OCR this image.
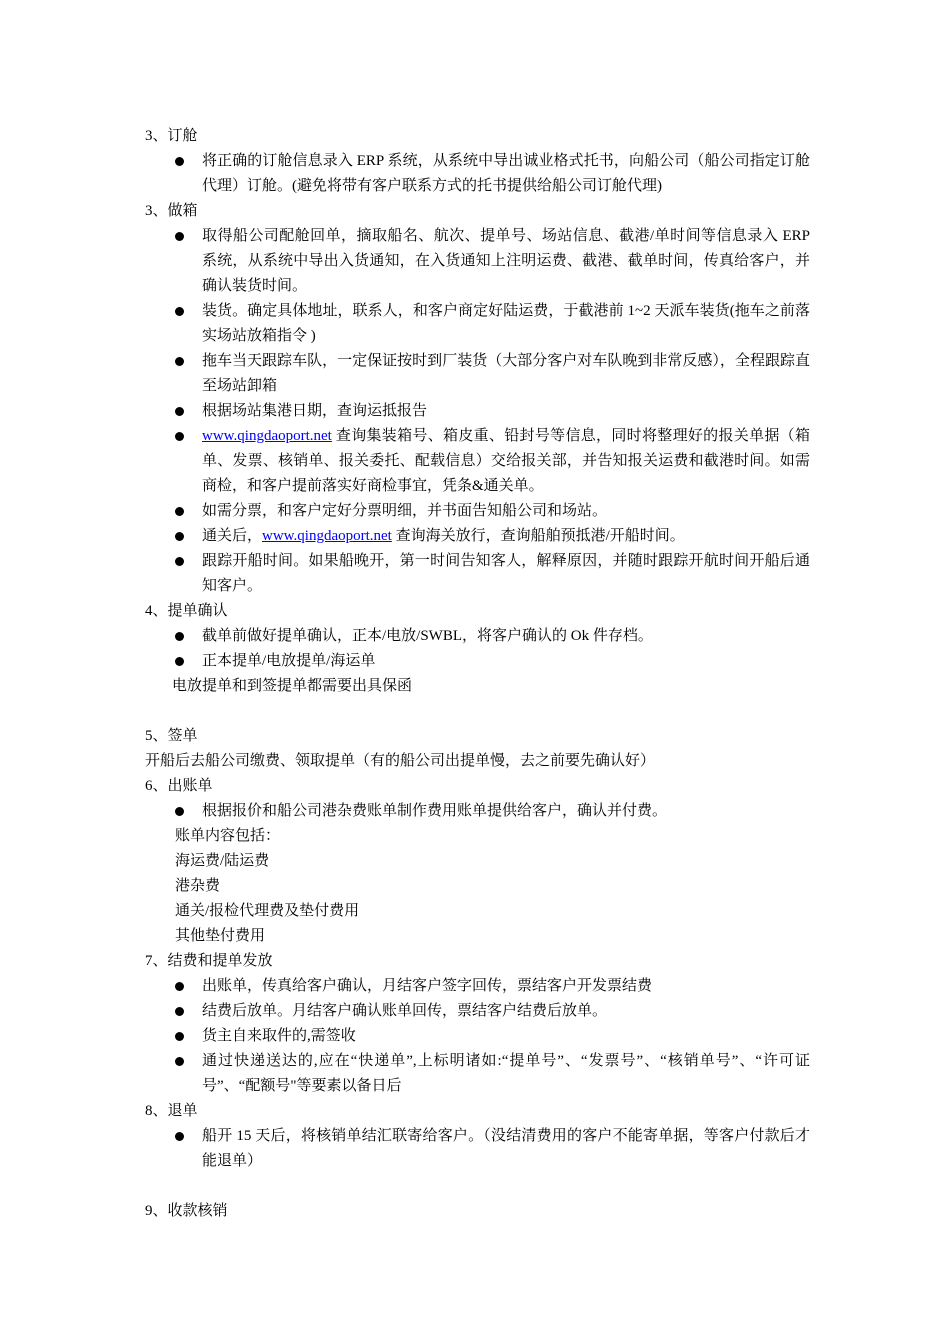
3、订舱
将正确的订舱信息录入 ERP 系统，从系统中导出诚业格式托书，向船公司（船公司指定订舱代理）订舱。(避免将带有客户联系方式的托书提供给船公司订舱代理)
3、做箱
取得船公司配舱回单，摘取船名、航次、提单号、场站信息、截港/单时间等信息录入 ERP 系统，从系统中导出入货通知，在入货通知上注明运费、截港、截单时间，传真给客户，并确认装货时间。
装货。确定具体地址，联系人，和客户商定好陆运费，于截港前 1~2 天派车装货(拖车之前落实场站放箱指令 )
拖车当天跟踪车队，一定保证按时到厂装货（大部分客户对车队晚到非常反感），全程跟踪直至场站卸箱
根据场站集港日期，查询运抵报告
www.qingdaoport.net 查询集装箱号、箱皮重、铅封号等信息，同时将整理好的报关单据（箱单、发票、核销单、报关委托、配载信息）交给报关部，并告知报关运费和截港时间。如需商检，和客户提前落实好商检事宜，凭条&通关单。
如需分票，和客户定好分票明细，并书面告知船公司和场站。
通关后，www.qingdaoport.net 查询海关放行，查询船舶预抵港/开船时间。
跟踪开船时间。如果船晚开，第一时间告知客人，解释原因，并随时跟踪开航时间开船后通知客户。
4、提单确认
截单前做好提单确认，正本/电放/SWBL，将客户确认的 Ok 件存档。
正本提单/电放提单/海运单
电放提单和到签提单都需要出具保函
5、签单
开船后去船公司缴费、领取提单（有的船公司出提单慢，去之前要先确认好）
6、出账单
根据报价和船公司港杂费账单制作费用账单提供给客户，确认并付费。
账单内容包括：
海运费/陆运费
港杂费
通关/报检代理费及垫付费用
其他垫付费用
7、结费和提单发放
出账单，传真给客户确认，月结客户签字回传，票结客户开发票结费
结费后放单。月结客户确认账单回传，票结客户结费后放单。
货主自来取件的,需签收
通过快递送达的,应在“快递单”,上标明诸如:“提单号”、“发票号”、“核销单号”、“许可证号”、“配额号"等要素以备日后
8、退单
船开 15 天后，将核销单结汇联寄给客户。（没结清费用的客户不能寄单据，等客户付款后才能退单）
9、收款核销
